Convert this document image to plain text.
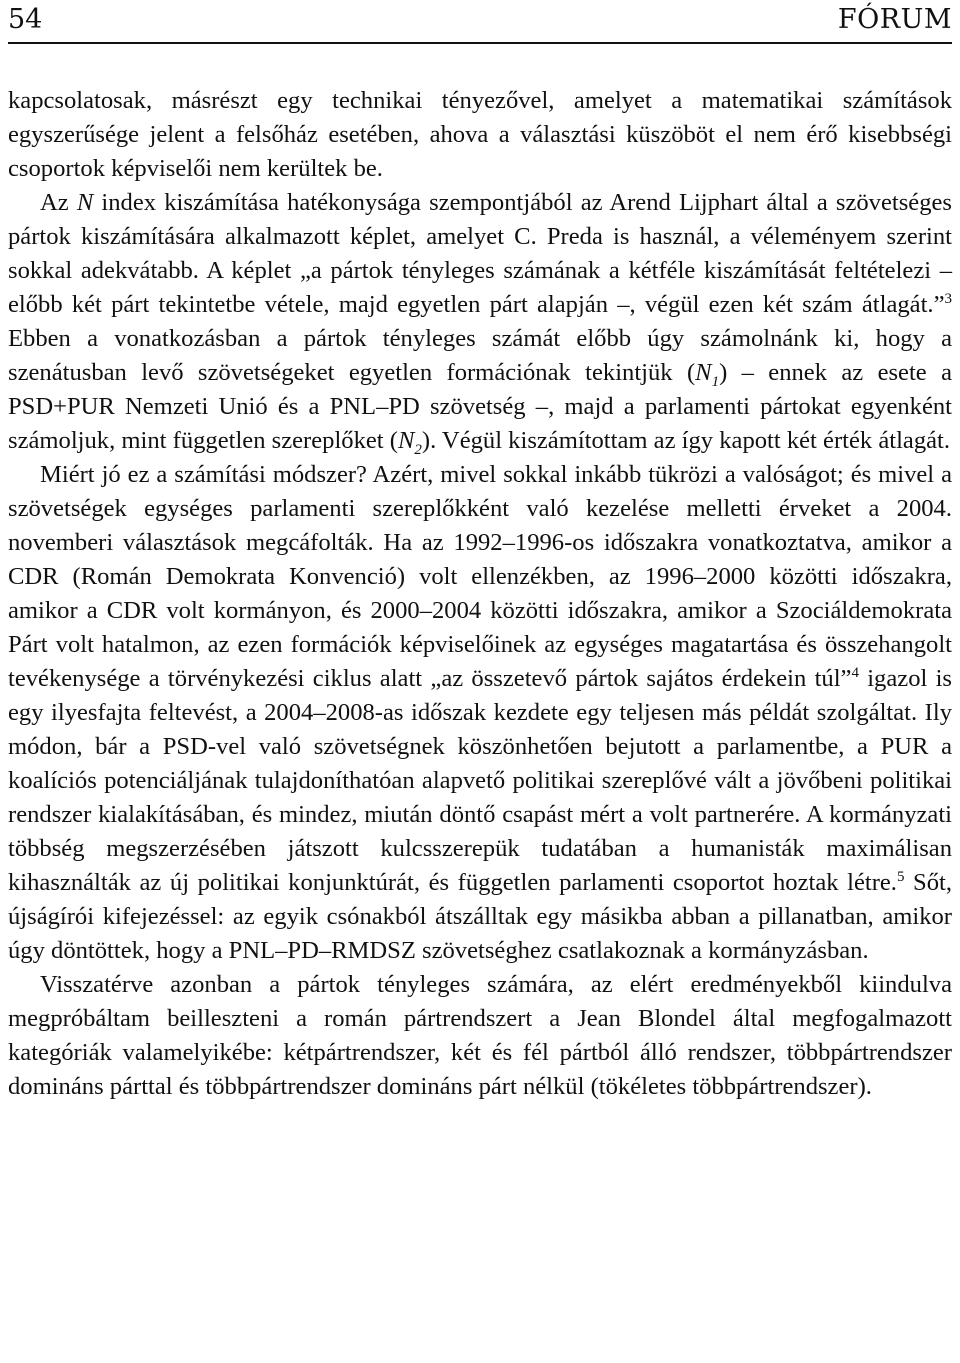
54	FÓRUM

kapcsolatosak, másrészt egy technikai tényezővel, amelyet a matematikai számítások egyszerűsége jelent a felsőház esetében, ahova a választási küszöböt el nem érő kisebbségi csoportok képviselői nem kerültek be.

Az N index kiszámítása hatékonysága szempontjából az Arend Lijphart által a szövetséges pártok kiszámítására alkalmazott képlet, amelyet C. Preda is használ, a véleményem szerint sokkal adekvátabb. A képlet „a pártok tényleges számának a kétféle kiszámítását feltételezi – előbb két párt tekintetbe vétele, majd egyetlen párt alapján –, végül ezen két szám átlagát.”$^3$ Ebben a vonatkozásban a pártok tényleges számát előbb úgy számolnánk ki, hogy a szenátusban levő szövetségeket egyetlen formációnak tekintjük $(N_1)$ – ennek az esete a PSD+PUR Nemzeti Unió és a PNL–PD szövetség –, majd a parlamenti pártokat egyenként számoljuk, mint független szereplőket $(N_2)$. Végül kiszámítottam az így kapott két érték átlagát.

Miért jó ez a számítási módszer? Azért, mivel sokkal inkább tükrözi a valóságot; és mivel a szövetségek egységes parlamenti szereplőkként való kezelése melletti érveket a 2004. novemberi választások megcáfolták. Ha az 1992–1996-os időszakra vonatkoztatva, amikor a CDR (Román Demokrata Konvenció) volt ellenzékben, az 1996–2000 közötti időszakra, amikor a CDR volt kormányon, és 2000–2004 közötti időszakra, amikor a Szociáldemokrata Párt volt hatalmon, az ezen formációk képviselőinek az egységes magatartása és összehangolt tevékenysége a törvénykezési ciklus alatt „az összetevő pártok sajátos érdekein túl”$^4$ igazol is egy ilyesfajta feltevést, a 2004–2008-as időszak kezdete egy teljesen más példát szolgáltat. Ily módon, bár a PSD-vel való szövetségnek köszönhetően bejutott a parlamentbe, a PUR a koalíciós potenciáljának tulajdoníthatóan alapvető politikai szereplővé vált a jövőbeni politikai rendszer kialakításában, és mindez, miután döntő csapást mért a volt partnerére. A kormányzati többség megszerzésében játszott kulcsszerepük tudatában a humanisták maximálisan kihasználták az új politikai konjunktúrát, és független parlamenti csoportot hoztak létre.$^5$ Sőt, újságírói kifejezéssel: az egyik csónakból átszálltak egy másikba abban a pillanatban, amikor úgy döntöttek, hogy a PNL–PD–RMDSZ szövetséghez csatlakoznak a kormányzásban.

Visszatérve azonban a pártok tényleges számára, az elért eredményekből kiindulva megpróbáltam beilleszteni a román pártrendszert a Jean Blondel által megfogalmazott kategóriák valamelyikébe: kétpártrendszer, két és fél pártból álló rendszer, többpártrendszer domináns párttal és többpártrendszer domináns párt nélkül (tökéletes többpártrendszer).
